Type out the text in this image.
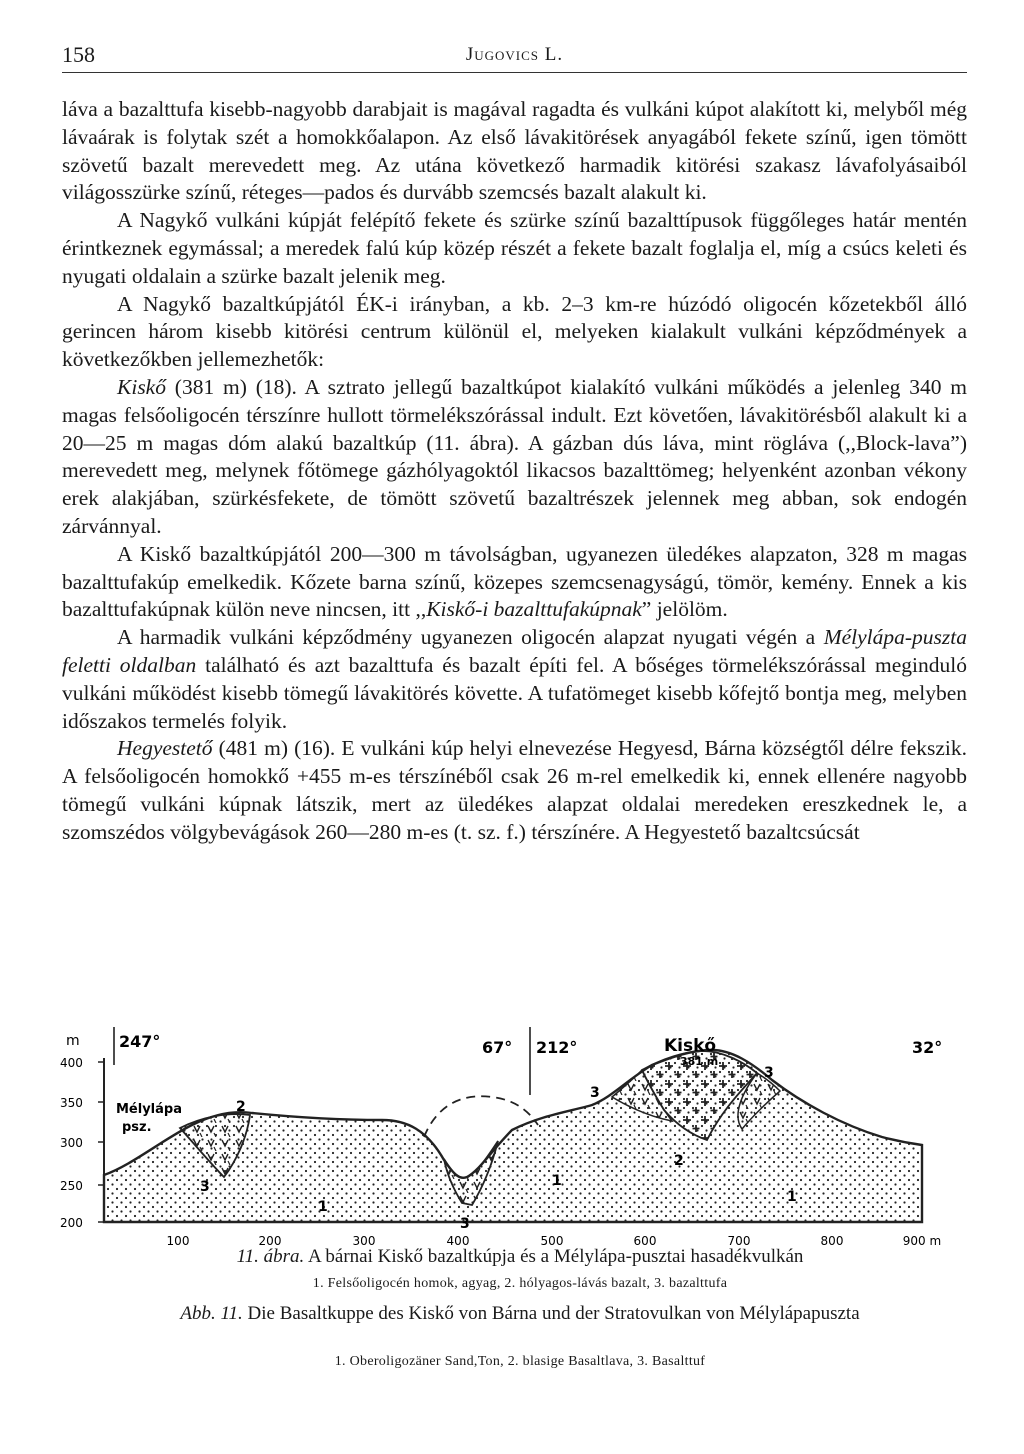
158	Jugovics L.

láva a bazalttufa kisebb-nagyobb darabjait is magával ragadta és vulkáni kúpot alakított ki, melyből még lávaárak is folytak szét a homokkőalapon. Az első lávakitörések anyagából fekete színű, igen tömött szövetű bazalt merevedett meg. Az utána következő harmadik kitörési szakasz lávafolyásaiból világosszürke színű, réteges—pados és durvább szemcsés bazalt alakult ki.

A Nagykő vulkáni kúpját felépítő fekete és szürke színű bazalttípusok függőleges határ mentén érintkeznek egymással; a meredek falú kúp közép részét a fekete bazalt foglalja el, míg a csúcs keleti és nyugati oldalain a szürke bazalt jelenik meg.

A Nagykő bazaltkúpjától ÉK-i irányban, a kb. 2–3 km-re húzódó oligocén kőzetekből álló gerincen három kisebb kitörési centrum különül el, melyeken kialakult vulkáni képződmények a következőkben jellemezhetők:

Kiskő (381 m) (18). A sztrato jellegű bazaltkúpot kialakító vulkáni működés a jelenleg 340 m magas felsőoligocén térszínre hullott törmelékszórással indult. Ezt követően, lávakitörésből alakult ki a 20—25 m magas dóm alakú bazaltkúp (11. ábra). A gázban dús láva, mint rögláva (,,Block-lava”) merevedett meg, melynek főtömege gázhólyagoktól likacsos bazalttömeg; helyenként azonban vékony erek alakjában, szürkésfekete, de tömött szövetű bazaltrészek jelennek meg abban, sok endogén zárvánnyal.

A Kiskő bazaltkúpjától 200—300 m távolságban, ugyanezen üledékes alapzaton, 328 m magas bazalttufakúp emelkedik. Kőzete barna színű, közepes szemcsenagyságú, tömör, kemény. Ennek a kis bazalttufakúpnak külön neve nincsen, itt ,,Kiskő-i bazalttufakúpnak” jelölöm.

A harmadik vulkáni képződmény ugyanezen oligocén alapzat nyugati végén a Mélylápa-puszta feletti oldalban található és azt bazalttufa és bazalt építi fel. A bőséges törmelékszórással meginduló vulkáni működést kisebb tömegű lávakitörés követte. A tufatömeget kisebb kőfejtő bontja meg, melyben időszakos termelés folyik.

Hegyestető (481 m) (16). E vulkáni kúp helyi elnevezése Hegyesd, Bárna községtől délre fekszik. A felsőoligocén homokkő +455 m-es térszínéből csak 26 m-rel emelkedik ki, ennek ellenére nagyobb tömegű vulkáni kúpnak látszik, mert az üledékes alapzat oldalai meredeken ereszkednek le, a szomszédos völgybevágások 260—280 m-es (t. sz. f.) térszínére. A Hegyestető bazaltcsúcsát

m
400
350
300
250
200
100	200	300	400	500	600	700	800	900 m
247°	67° 212°	32°
Kiskő
381 m
Mélylápa
psz.
1
1
1
2
2
3
3
3
3
11. ábra. A bárnai Kiskő bazaltkúpja és a Mélylápa-pusztai hasadékvulkán
1. Felsőoligocén homok, agyag, 2. hólyagos-lávás bazalt, 3. bazalttufa
Abb. 11. Die Basaltkuppe des Kiskő von Bárna und der Stratovulkan von Mélylápapuszta
1. Oberoligozäner Sand,Ton, 2. blasige Basaltlava, 3. Basalttuf
